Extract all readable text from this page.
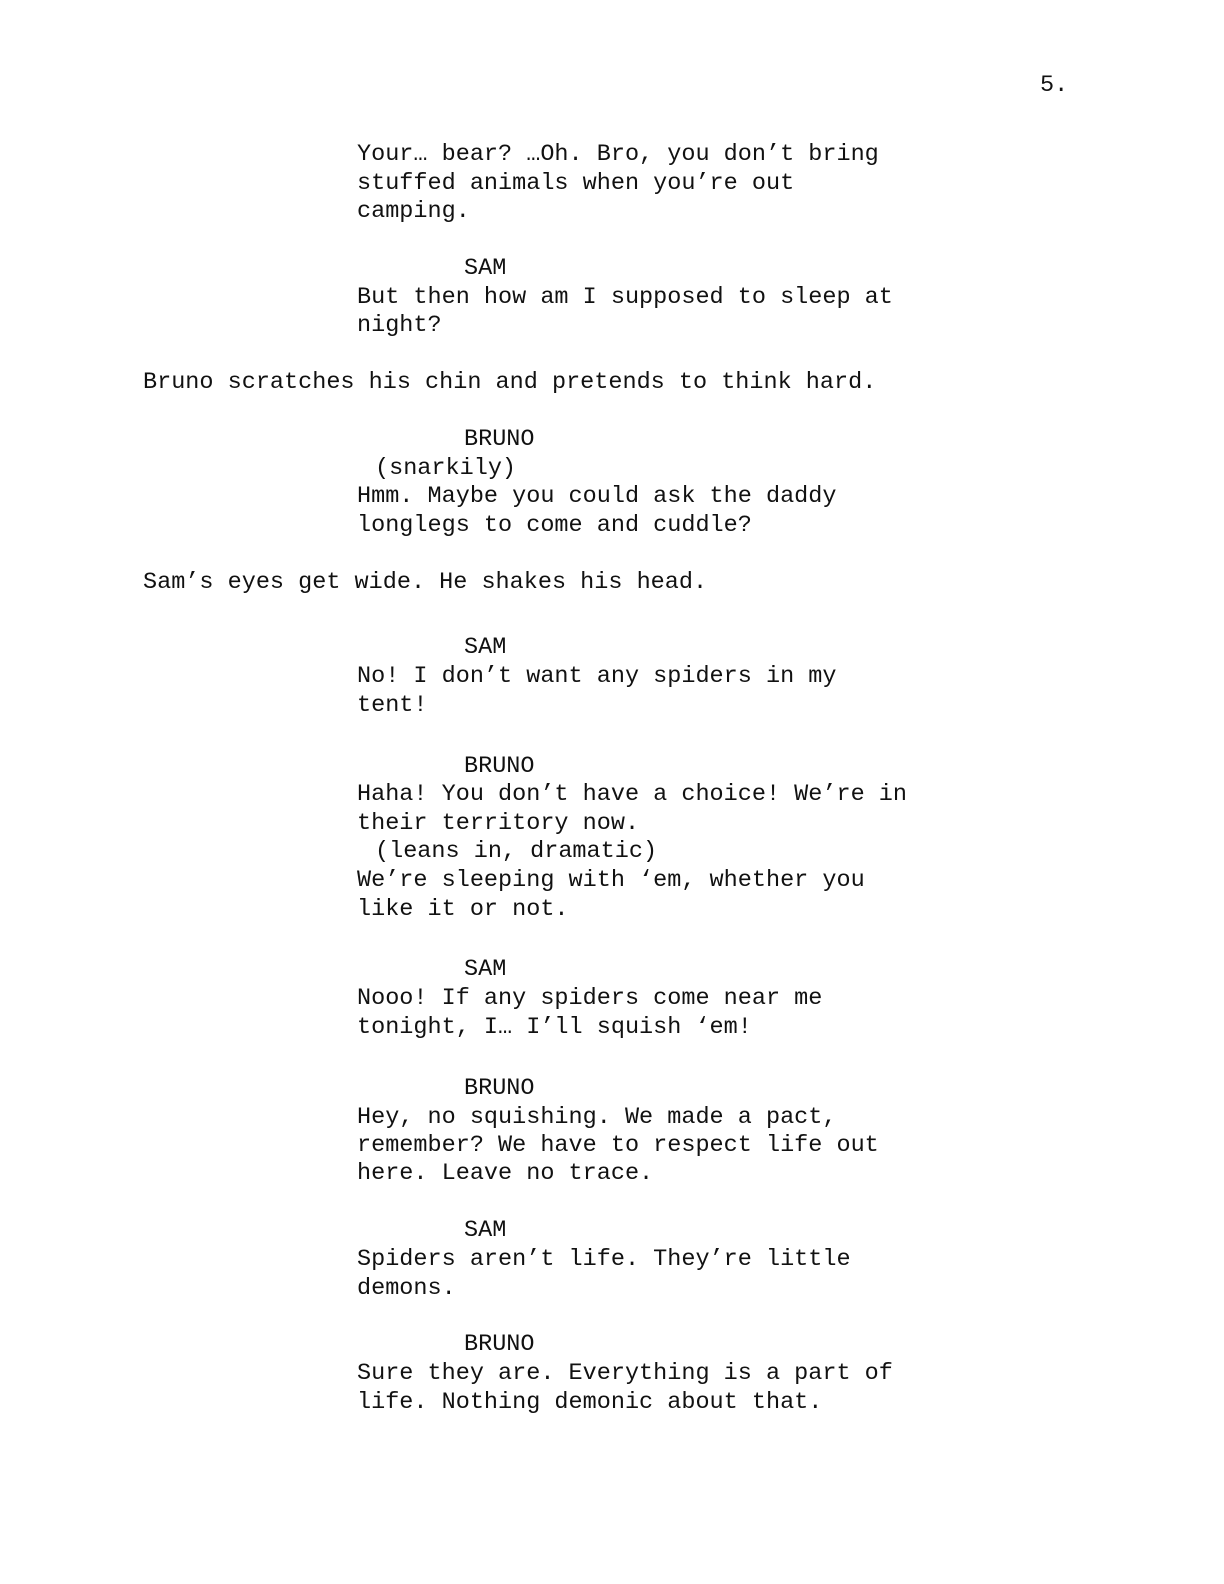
5.
Your… bear? …Oh. Bro, you don’t bring
stuffed animals when you’re out
camping.
SAM
But then how am I supposed to sleep at
night?
Bruno scratches his chin and pretends to think hard.
BRUNO
(snarkily)
Hmm. Maybe you could ask the daddy
longlegs to come and cuddle?
Sam’s eyes get wide. He shakes his head.
SAM
No! I don’t want any spiders in my
tent!
BRUNO
Haha! You don’t have a choice! We’re in
their territory now.
(leans in, dramatic)
We’re sleeping with ‘em, whether you
like it or not.
SAM
Nooo! If any spiders come near me
tonight, I… I’ll squish ‘em!
BRUNO
Hey, no squishing. We made a pact,
remember? We have to respect life out
here. Leave no trace.
SAM
Spiders aren’t life. They’re little
demons.
BRUNO
Sure they are. Everything is a part of
life. Nothing demonic about that.
